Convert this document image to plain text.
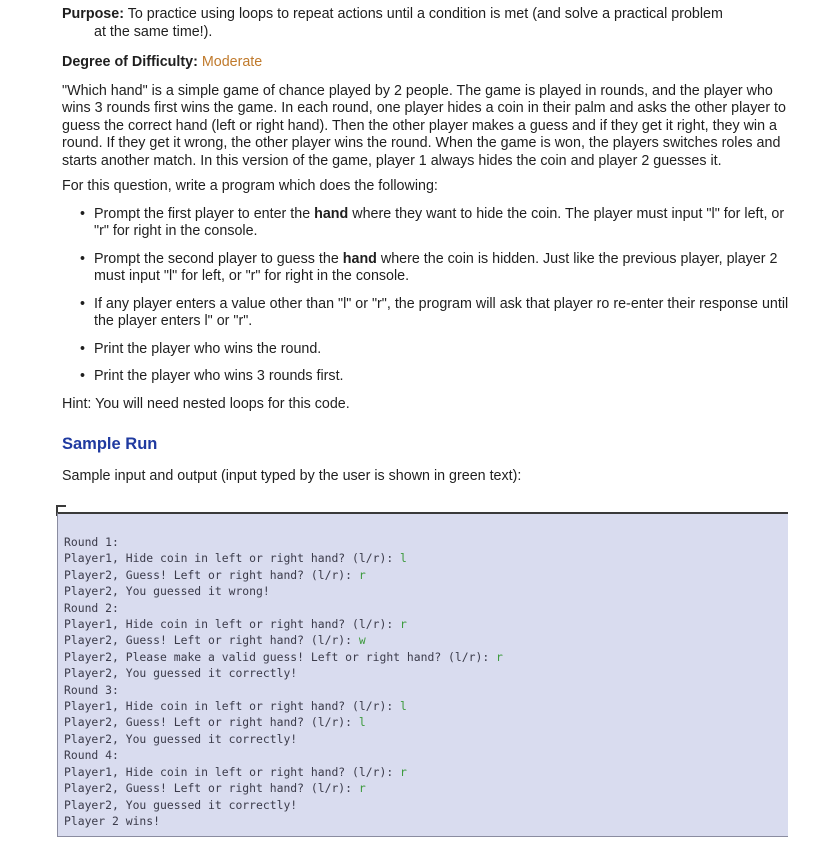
Purpose: To practice using loops to repeat actions until a condition is met (and solve a practical problem
at the same time!).

Degree of Difficulty: Moderate

"Which hand" is a simple game of chance played by 2 people. The game is played in rounds, and the player who wins 3 rounds first wins the game. In each round, one player hides a coin in their palm and asks the other player to guess the correct hand (left or right hand). Then the other player makes a guess and if they get it right, they win a round. If they get it wrong, the other player wins the round. When the game is won, the players switches roles and starts another match. In this version of the game, player 1 always hides the coin and player 2 guesses it.

For this question, write a program which does the following:

• Prompt the first player to enter the hand where they want to hide the coin. The player must input "l" for left, or "r" for right in the console.
• Prompt the second player to guess the hand where the coin is hidden. Just like the previous player, player 2 must input "l" for left, or "r" for right in the console.
• If any player enters a value other than "l" or "r", the program will ask that player ro re-enter their response until the player enters l" or "r".
• Print the player who wins the round.
• Print the player who wins 3 rounds first.

Hint: You will need nested loops for this code.

Sample Run

Sample input and output (input typed by the user is shown in green text):

Round 1:
Player1, Hide coin in left or right hand? (l/r): l
Player2, Guess! Left or right hand? (l/r): r
Player2, You guessed it wrong!
Round 2:
Player1, Hide coin in left or right hand? (l/r): r
Player2, Guess! Left or right hand? (l/r): w
Player2, Please make a valid guess! Left or right hand? (l/r): r
Player2, You guessed it correctly!
Round 3:
Player1, Hide coin in left or right hand? (l/r): l
Player2, Guess! Left or right hand? (l/r): l
Player2, You guessed it correctly!
Round 4:
Player1, Hide coin in left or right hand? (l/r): r
Player2, Guess! Left or right hand? (l/r): r
Player2, You guessed it correctly!
Player 2 wins!
